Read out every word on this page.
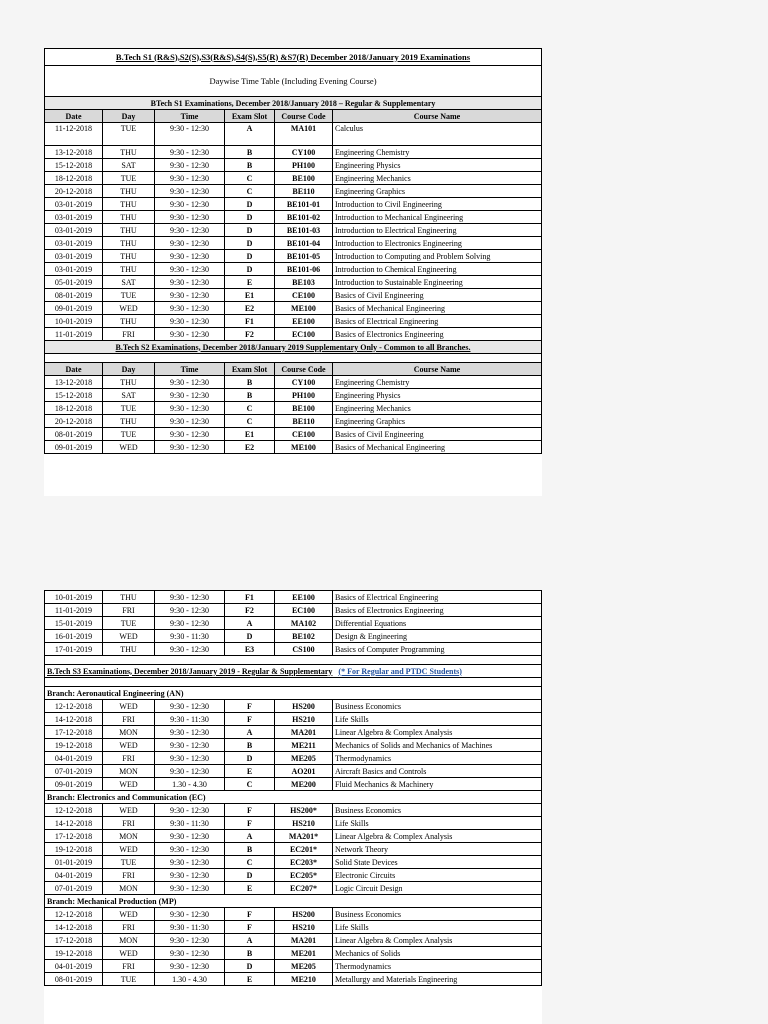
B.Tech S1 (R&S),S2(S),S3(R&S),S4(S),S5(R) &S7(R) December 2018/January 2019 Examinations					
Daywise Time Table (Including Evening Course)					
BTech S1 Examinations, December 2018/January 2018 – Regular & Supplementary					
Date	Day	Time	Exam Slot	Course Code	Course Name
11-12-2018	TUE	9:30 - 12:30	A	MA101	Calculus
13-12-2018	THU	9:30 - 12:30	B	CY100	Engineering Chemistry
15-12-2018	SAT	9:30 - 12:30	B	PH100	Engineering Physics
18-12-2018	TUE	9:30 - 12:30	C	BE100	Engineering Mechanics
20-12-2018	THU	9:30 - 12:30	C	BE110	Engineering Graphics
03-01-2019	THU	9:30 - 12:30	D	BE101-01	Introduction to Civil Engineering
03-01-2019	THU	9:30 - 12:30	D	BE101-02	Introduction to Mechanical Engineering
03-01-2019	THU	9:30 - 12:30	D	BE101-03	Introduction to Electrical Engineering
03-01-2019	THU	9:30 - 12:30	D	BE101-04	Introduction to Electronics Engineering
03-01-2019	THU	9:30 - 12:30	D	BE101-05	Introduction to Computing and Problem Solving
03-01-2019	THU	9:30 - 12:30	D	BE101-06	Introduction to Chemical Engineering
05-01-2019	SAT	9:30 - 12:30	E	BE103	Introduction to Sustainable Engineering
08-01-2019	TUE	9:30 - 12:30	E1	CE100	Basics of Civil Engineering
09-01-2019	WED	9:30 - 12:30	E2	ME100	Basics of Mechanical Engineering
10-01-2019	THU	9:30 - 12:30	F1	EE100	Basics of Electrical Engineering
11-01-2019	FRI	9:30 - 12:30	F2	EC100	Basics of Electronics Engineering
B.Tech S2 Examinations, December 2018/January 2019 Supplementary Only - Common to all Branches.					

Date	Day	Time	Exam Slot	Course Code	Course Name
13-12-2018	THU	9:30 - 12:30	B	CY100	Engineering Chemistry
15-12-2018	SAT	9:30 - 12:30	B	PH100	Engineering Physics
18-12-2018	TUE	9:30 - 12:30	C	BE100	Engineering Mechanics
20-12-2018	THU	9:30 - 12:30	C	BE110	Engineering Graphics
08-01-2019	TUE	9:30 - 12:30	E1	CE100	Basics of Civil Engineering
09-01-2019	WED	9:30 - 12:30	E2	ME100	Basics of Mechanical Engineering
10-01-2019	THU	9:30 - 12:30	F1	EE100	Basics of Electrical Engineering
11-01-2019	FRI	9:30 - 12:30	F2	EC100	Basics of Electronics Engineering
15-01-2019	TUE	9:30 - 12:30	A	MA102	Differential Equations
16-01-2019	WED	9:30 - 11:30	D	BE102	Design & Engineering
17-01-2019	THU	9:30 - 12:30	E3	CS100	Basics of Computer Programming

B.Tech S3 Examinations, December 2018/January 2019 - Regular & Supplementary (* For Regular and PTDC Students)					

Branch: Aeronautical Engineering (AN)					
12-12-2018	WED	9:30 - 12:30	F	HS200	Business Economics
14-12-2018	FRI	9:30 - 11:30	F	HS210	Life Skills
17-12-2018	MON	9:30 - 12:30	A	MA201	Linear Algebra & Complex Analysis
19-12-2018	WED	9:30 - 12:30	B	ME211	Mechanics of Solids and Mechanics of Machines
04-01-2019	FRI	9:30 - 12:30	D	ME205	Thermodynamics
07-01-2019	MON	9:30 - 12:30	E	AO201	Aircraft Basics and Controls
09-01-2019	WED	1.30 - 4.30	C	ME200	Fluid Mechanics & Machinery
Branch: Electronics and Communication (EC)					
12-12-2018	WED	9:30 - 12:30	F	HS200*	Business Economics
14-12-2018	FRI	9:30 - 11:30	F	HS210	Life Skills
17-12-2018	MON	9:30 - 12:30	A	MA201*	Linear Algebra & Complex Analysis
19-12-2018	WED	9:30 - 12:30	B	EC201*	Network Theory
01-01-2019	TUE	9:30 - 12:30	C	EC203*	Solid State Devices
04-01-2019	FRI	9:30 - 12:30	D	EC205*	Electronic Circuits
07-01-2019	MON	9:30 - 12:30	E	EC207*	Logic Circuit Design
Branch: Mechanical Production (MP)					
12-12-2018	WED	9:30 - 12:30	F	HS200	Business Economics
14-12-2018	FRI	9:30 - 11:30	F	HS210	Life Skills
17-12-2018	MON	9:30 - 12:30	A	MA201	Linear Algebra & Complex Analysis
19-12-2018	WED	9:30 - 12:30	B	ME201	Mechanics of Solids
04-01-2019	FRI	9:30 - 12:30	D	ME205	Thermodynamics
08-01-2019	TUE	1.30 - 4.30	E	ME210	Metallurgy and Materials Engineering
